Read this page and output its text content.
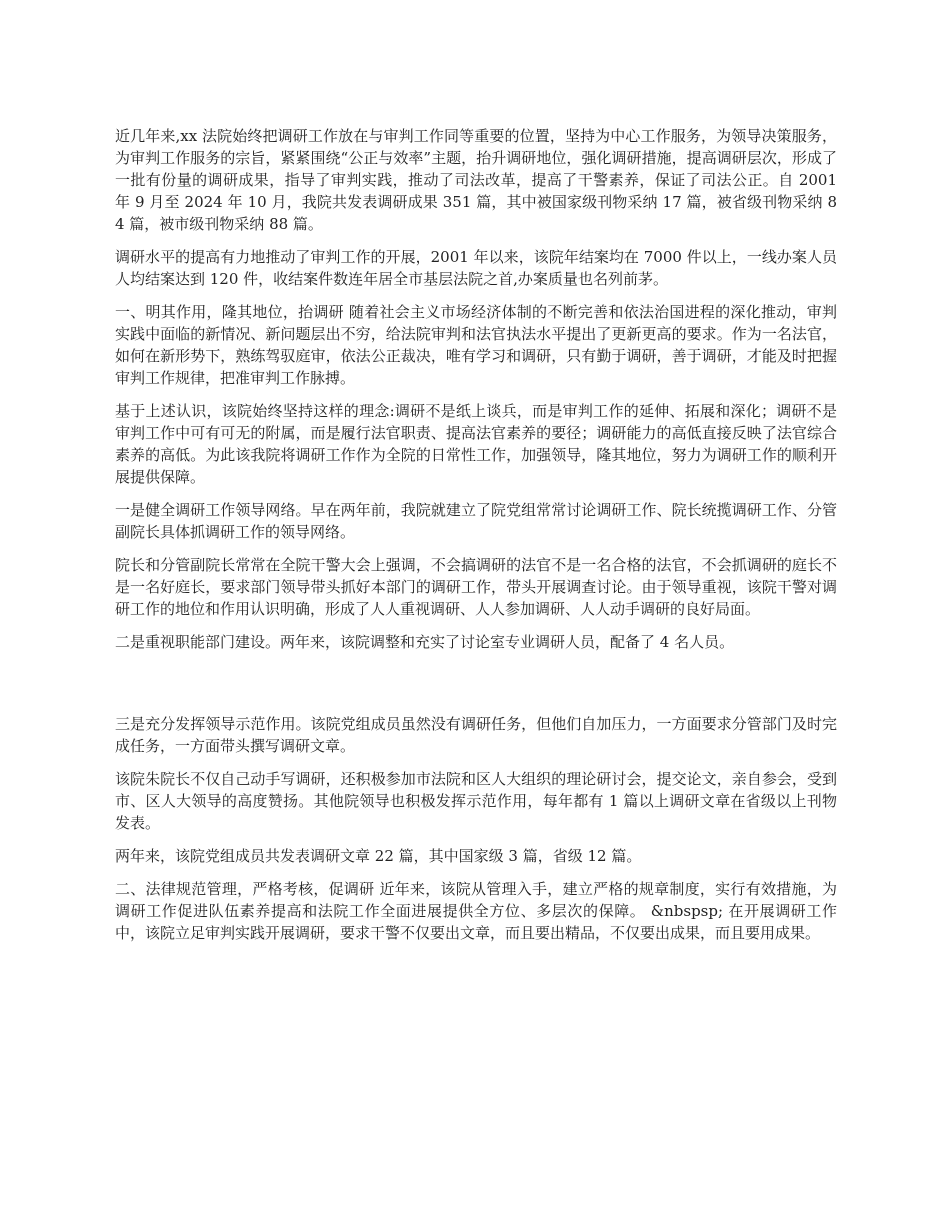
近几年来,xx 法院始终把调研工作放在与审判工作同等重要的位置，坚持为中心工作服务，为领导决策服务，为审判工作服务的宗旨，紧紧围绕“公正与效率”主题，抬升调研地位，强化调研措施，提高调研层次，形成了一批有份量的调研成果，指导了审判实践，推动了司法改革，提高了干警素养，保证了司法公正。自 2001 年 9 月至 2024 年 10 月，我院共发表调研成果 351 篇，其中被国家级刊物采纳 17 篇，被省级刊物采纳 84 篇，被市级刊物采纳 88 篇。

调研水平的提高有力地推动了审判工作的开展，2001 年以来，该院年结案均在 7000 件以上，一线办案人员人均结案达到 120 件，收结案件数连年居全市基层法院之首,办案质量也名列前茅。

一、明其作用，隆其地位，抬调研 随着社会主义市场经济体制的不断完善和依法治国进程的深化推动，审判实践中面临的新情况、新问题层出不穷，给法院审判和法官执法水平提出了更新更高的要求。作为一名法官，如何在新形势下，熟练驾驭庭审，依法公正裁决，唯有学习和调研，只有勤于调研，善于调研，才能及时把握审判工作规律，把准审判工作脉搏。

基于上述认识，该院始终坚持这样的理念:调研不是纸上谈兵，而是审判工作的延伸、拓展和深化；调研不是审判工作中可有可无的附属，而是履行法官职责、提高法官素养的要径；调研能力的高低直接反映了法官综合素养的高低。为此该我院将调研工作作为全院的日常性工作，加强领导，隆其地位，努力为调研工作的顺利开展提供保障。

一是健全调研工作领导网络。早在两年前，我院就建立了院党组常常讨论调研工作、院长统揽调研工作、分管副院长具体抓调研工作的领导网络。

院长和分管副院长常常在全院干警大会上强调，不会搞调研的法官不是一名合格的法官，不会抓调研的庭长不是一名好庭长，要求部门领导带头抓好本部门的调研工作，带头开展调查讨论。由于领导重视，该院干警对调研工作的地位和作用认识明确，形成了人人重视调研、人人参加调研、人人动手调研的良好局面。

二是重视职能部门建设。两年来，该院调整和充实了讨论室专业调研人员，配备了 4 名人员。

三是充分发挥领导示范作用。该院党组成员虽然没有调研任务，但他们自加压力，一方面要求分管部门及时完成任务，一方面带头撰写调研文章。

该院朱院长不仅自己动手写调研，还积极参加市法院和区人大组织的理论研讨会，提交论文，亲自参会，受到市、区人大领导的高度赞扬。其他院领导也积极发挥示范作用，每年都有 1 篇以上调研文章在省级以上刊物发表。

两年来，该院党组成员共发表调研文章 22 篇，其中国家级 3 篇，省级 12 篇。

二、法律规范管理，严格考核，促调研 近年来，该院从管理入手，建立严格的规章制度，实行有效措施，为调研工作促进队伍素养提高和法院工作全面进展提供全方位、多层次的保障。 &nbspsp; 在开展调研工作中，该院立足审判实践开展调研，要求干警不仅要出文章，而且要出精品，不仅要出成果，而且要用成果。
